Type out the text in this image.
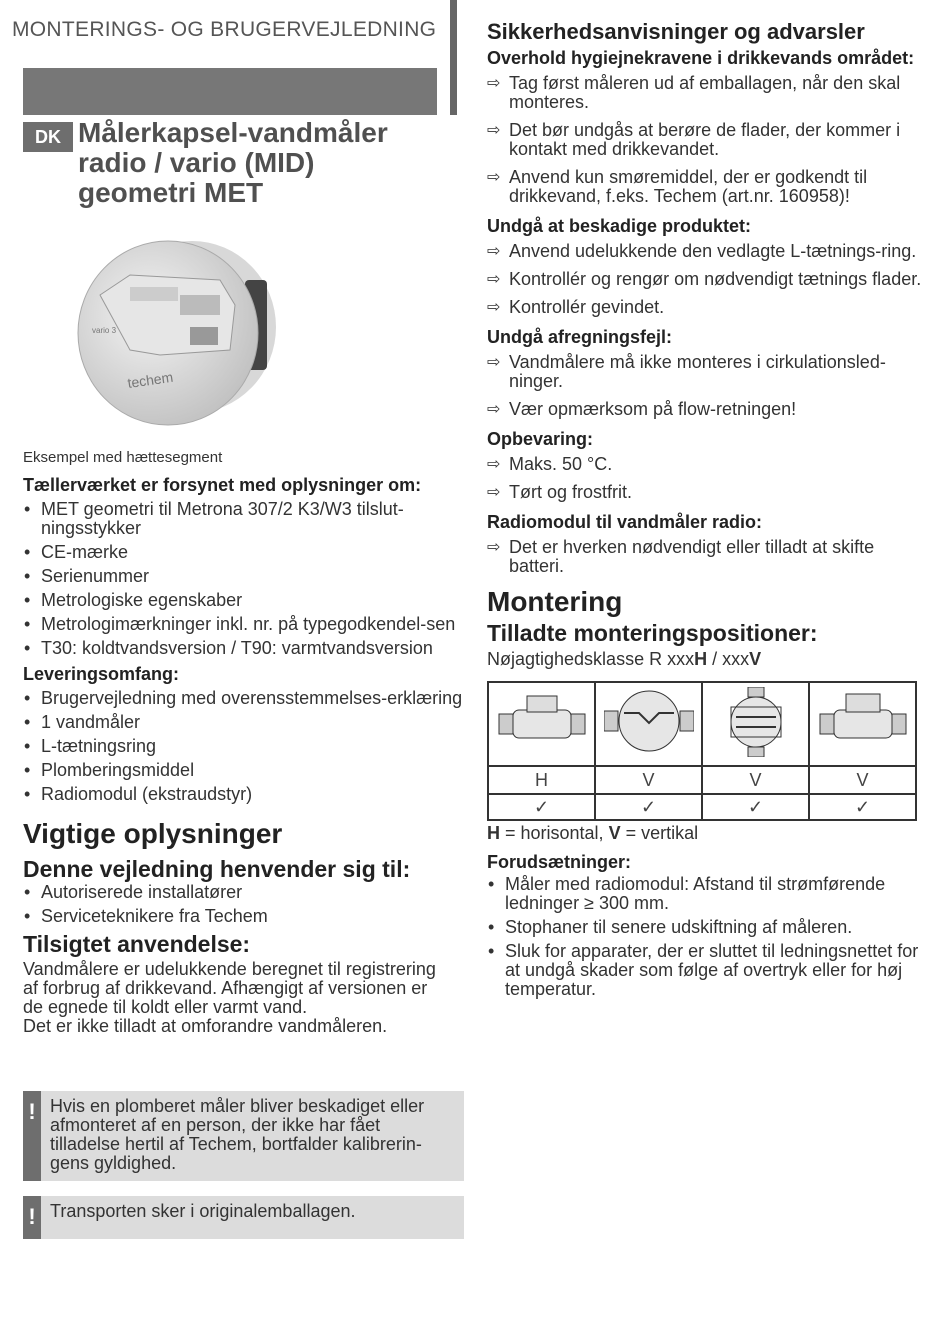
MONTERINGS- OG BRUGERVEJLEDNING
DK Målerkapsel-vandmåler
radio / vario (MID)
geometri MET
vario 3
techem
Eksempel med hættesegment
Tællerværket er forsynet med oplysninger om:
• MET geometri til Metrona 307/2 K3/W3 tilslut-ningsstykker
• CE-mærke
• Serienummer
• Metrologiske egenskaber
• Metrologimærkninger inkl. nr. på typegodkendel-sen
• T30: koldtvandsversion / T90: varmtvandsversion
Leveringsomfang:
• Brugervejledning med overensstemmelses-erklæring
• 1 vandmåler
• L-tætningsring
• Plomberingsmiddel
• Radiomodul (ekstraudstyr)
Vigtige oplysninger
Denne vejledning henvender sig til:
• Autoriserede installatører
• Serviceteknikere fra Techem
Tilsigtet anvendelse:
Vandmålere er udelukkende beregnet til registrering
af forbrug af drikkevand. Afhængigt af versionen er
de egnede til koldt eller varmt vand.
Det er ikke tilladt at omforandre vandmåleren.
! Hvis en plomberet måler bliver beskadiget eller
afmonteret af en person, der ikke har fået
tilladelse hertil af Techem, bortfalder kalibrerin-
gens gyldighed.
! Transporten sker i originalemballagen.
Sikkerhedsanvisninger og advarsler
Overhold hygiejnekravene i drikkevands området:
⇨ Tag først måleren ud af emballagen, når den skal monteres.
⇨ Det bør undgås at berøre de flader, der kommer i kontakt med drikkevandet.
⇨ Anvend kun smøremiddel, der er godkendt til drikkevand, f.eks. Techem (art.nr. 160958)!
Undgå at beskadige produktet:
⇨ Anvend udelukkende den vedlagte L-tætnings-ring.
⇨ Kontrollér og rengør om nødvendigt tætnings flader.
⇨ Kontrollér gevindet.
Undgå afregningsfejl:
⇨ Vandmålere må ikke monteres i cirkulationsled-ninger.
⇨ Vær opmærksom på flow-retningen!
Opbevaring:
⇨ Maks. 50 °C.
⇨ Tørt og frostfrit.
Radiomodul til vandmåler radio:
⇨ Det er hverken nødvendigt eller tilladt at skifte batteri.
Montering
Tilladte monteringspositioner:
Nøjagtighedsklasse R xxxH / xxxV

H	V	V	V
✓	✓	✓	✓
H = horisontal, V = vertikal
Forudsætninger:
• Måler med radiomodul: Afstand til strømførende ledninger ≥ 300 mm.
• Stophaner til senere udskiftning af måleren.
• Sluk for apparater, der er sluttet til ledningsnettet for at undgå skader som følge af overtryk eller for høj temperatur.
